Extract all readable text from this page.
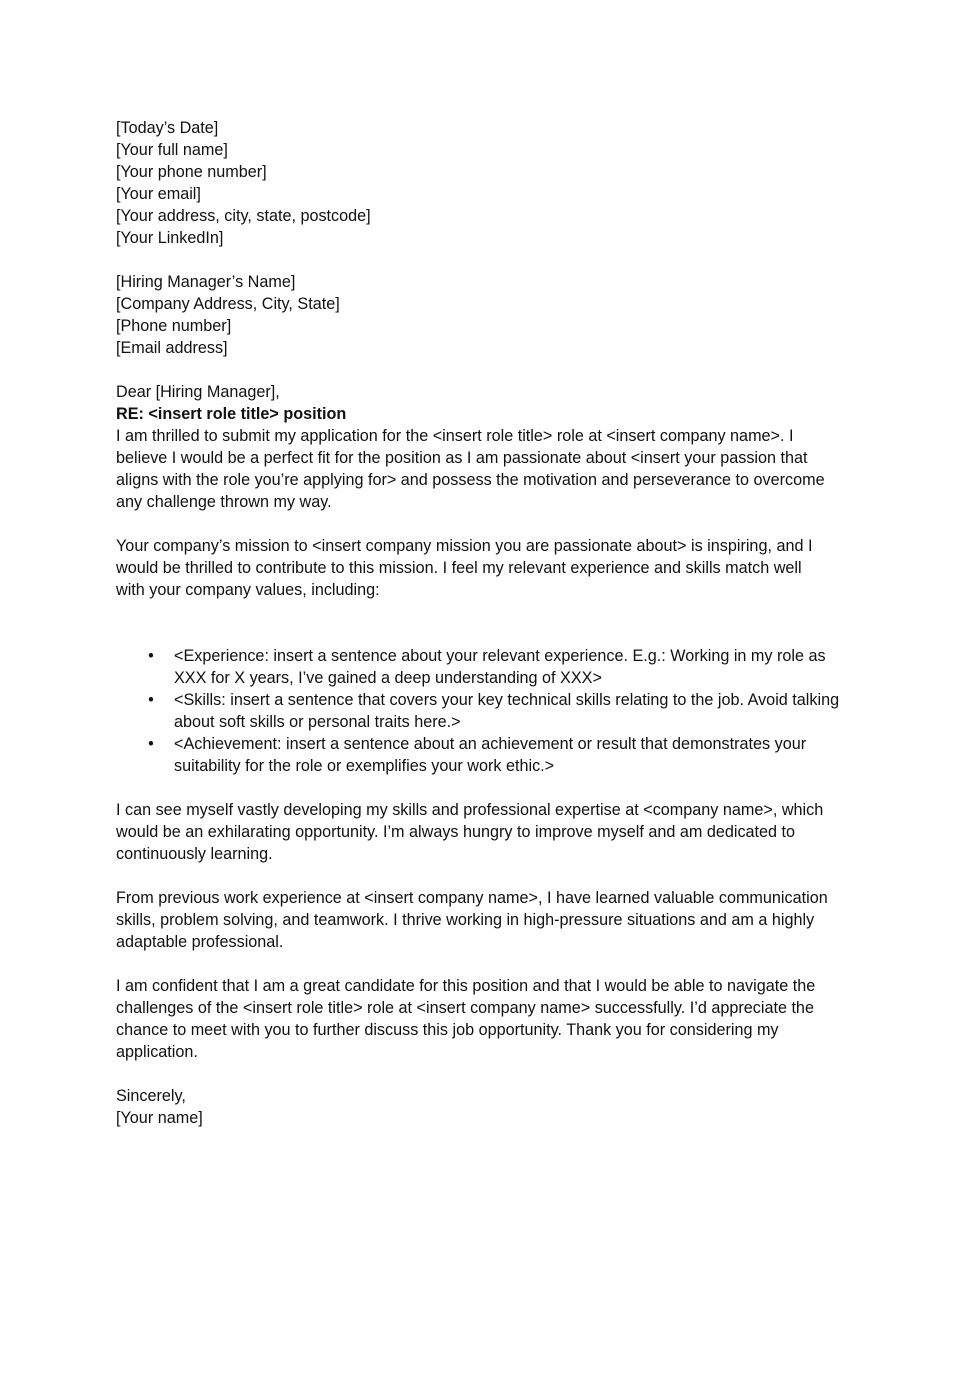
[Today’s Date]

[Your full name]
[Your phone number]
[Your email]
[Your address, city, state, postcode]
[Your LinkedIn]
[Hiring Manager’s Name]
[Company Address, City, State]
[Phone number]
[Email address]

Dear [Hiring Manager],

RE: <insert role title> position

I am thrilled to submit my application for the <insert role title> role at <insert company name>. I
believe I would be a perfect fit for the position as I am passionate about <insert your passion that
aligns with the role you’re applying for> and possess the motivation and perseverance to overcome
any challenge thrown my way.
Your company’s mission to <insert company mission you are passionate about> is inspiring, and I
would be thrilled to contribute to this mission. I feel my relevant experience and skills match well
with your company values, including:
• <Experience: insert a sentence about your relevant experience. E.g.: Working in my role as
XXX for X years, I’ve gained a deep understanding of XXX>
• <Skills: insert a sentence that covers your key technical skills relating to the job. Avoid talking
about soft skills or personal traits here.>
• <Achievement: insert a sentence about an achievement or result that demonstrates your
suitability for the role or exemplifies your work ethic.>
I can see myself vastly developing my skills and professional expertise at <company name>, which
would be an exhilarating opportunity. I’m always hungry to improve myself and am dedicated to
continuously learning.
From previous work experience at <insert company name>, I have learned valuable communication
skills, problem solving, and teamwork. I thrive working in high-pressure situations and am a highly
adaptable professional.
I am confident that I am a great candidate for this position and that I would be able to navigate the
challenges of the <insert role title> role at <insert company name> successfully. I’d appreciate the
chance to meet with you to further discuss this job opportunity. Thank you for considering my
application.

Sincerely,

[Your name]
